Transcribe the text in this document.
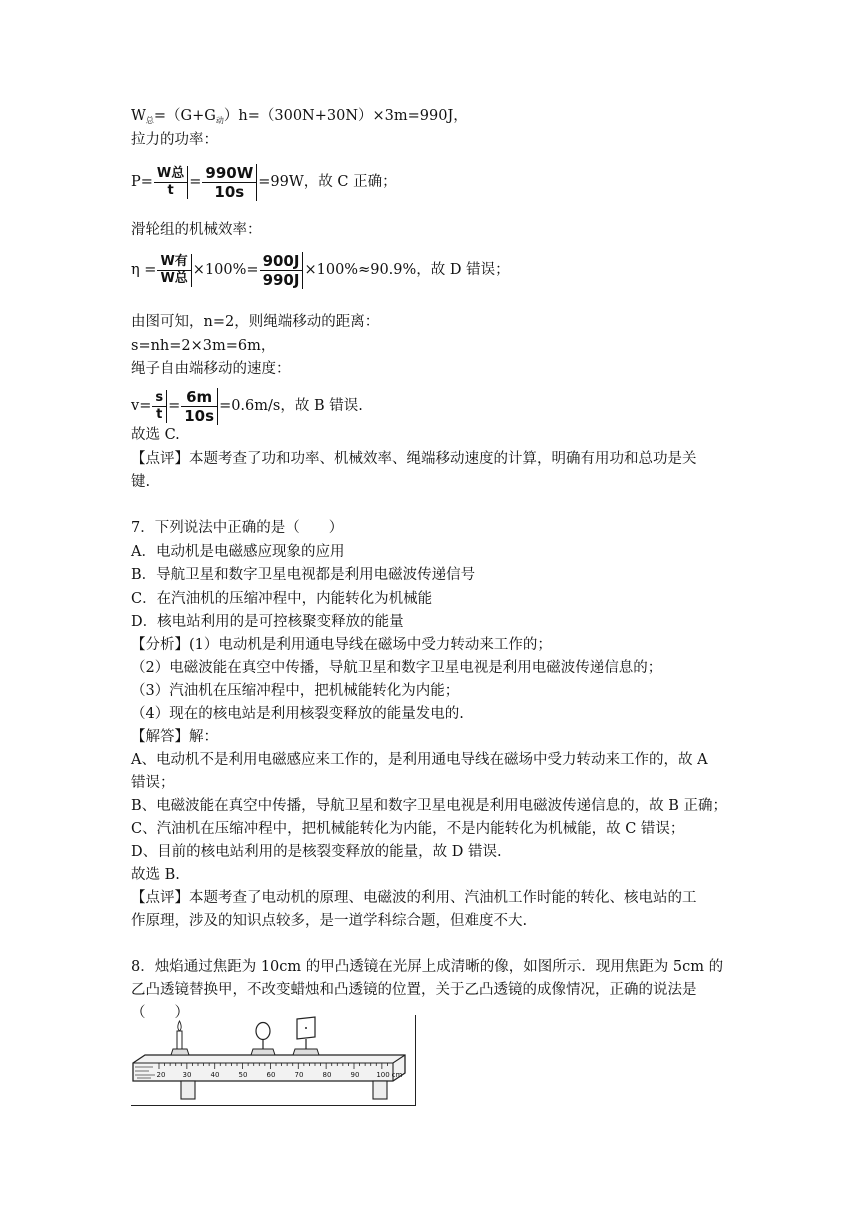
$W_总=(G+G_动)h=(300N+30N)\times 3m=990J$，
拉力的功率：
$P= \frac{\text{W总}}{t} = \frac{990W}{10s} =99W$，故 C 正确；
滑轮组的机械效率：
$\eta = \frac{\text{W有}}{\text{W总}} \times 100\%= \frac{900J}{990J} \times 100\%\approx 90.9\%$，故 D 错误；
由图可知，n=2，则绳端移动的距离：
s=nh=2×3m=6m，
绳子自由端移动的速度：
$v= \frac{s}{t} = \frac{6m}{10s} =0.6m/s$，故 B 错误.
故选 C.
【点评】本题考查了功和功率、机械效率、绳端移动速度的计算，明确有用功和总功是关
键.
7．下列说法中正确的是（　　）
A．电动机是电磁感应现象的应用
B．导航卫星和数字卫星电视都是利用电磁波传递信号
C．在汽油机的压缩冲程中，内能转化为机械能
D．核电站利用的是可控核聚变释放的能量
【分析】(1）电动机是利用通电导线在磁场中受力转动来工作的；
（2）电磁波能在真空中传播，导航卫星和数字卫星电视是利用电磁波传递信息的；
（3）汽油机在压缩冲程中，把机械能转化为内能；
（4）现在的核电站是利用核裂变释放的能量发电的.
【解答】解：
A、电动机不是利用电磁感应来工作的，是利用通电导线在磁场中受力转动来工作的，故 A
错误；
B、电磁波能在真空中传播，导航卫星和数字卫星电视是利用电磁波传递信息的，故 B 正确；
C、汽油机在压缩冲程中，把机械能转化为内能，不是内能转化为机械能，故 C 错误；
D、目前的核电站利用的是核裂变释放的能量，故 D 错误.
故选 B.
【点评】本题考查了电动机的原理、电磁波的利用、汽油机工作时能的转化、核电站的工
作原理，涉及的知识点较多，是一道学科综合题，但难度不大.
8．烛焰通过焦距为 10cm 的甲凸透镜在光屏上成清晰的像，如图所示．现用焦距为 5cm 的
乙凸透镜替换甲，不改变蜡烛和凸透镜的位置，关于乙凸透镜的成像情况，正确的说法是
（　　）
20 30	40	50	60	70	80	90 100 cm
